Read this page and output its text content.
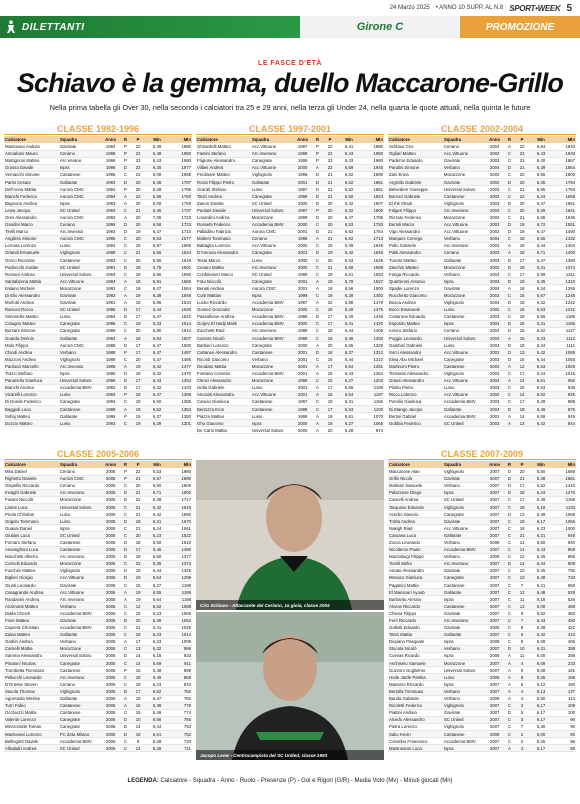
24 Marzo 2025 • ANNO 10 SUPP. AL N.8 SPORT•WEEK 5
DILETTANTI	Girone C	PROMOZIONE
LE FASCE D'ETÀ
Schiavo è la gemma, duello Maccarone-Grillo
Nella prima tabella gli Over 30, nella seconda i calciatori tra 25 e 29 anni, nella terza gli Under 24, nella quarta le quote attuali, nella quinta le future
CLASSE 1982-1996
Calciatore	Squadra	Anno	R	P	Min	Mln
Mantovani Andrea	Gavirate	1994	P	22	6,39	1980
Antoaboni Mauro	Ceriano	1996	P	22	6,48	1980
Martignoni Matteo	Arc.Verano	1996	P	22	6,43	1980
Grosso Davide	Ispra	1996	D	22	6,30	1977
Vernacchi Simone	Castanese	1995	C	22	6,09	1958
Parini Cesare	Gallarate	1993	D	20	6,38	1797
Dell'Anna Mattia	Aurora CMC	1994	P	20	6,28	1796
Bianchi Federico	Aurora CMC	1994	A	22	6,98	1760
Bagnone Andrea	Ispra	1993	A	20	6,09	1759
Leow Jacopo	SC United	1993	C	21	6,46	1737
Ores Alessandro	Aurora CMC	1993	A	20	7,05	1723
Gandini Marco	Ceriano	1996	D	20	6,58	1723
Tirelli Marco	Arc.Inverato	1993	D	19	6,47	1710
Angilera Simone	Aurora CMC	1995	C	20	6,53	1677
Lercara Lorenzo	Luino	1994	C	19	6,97	1665
Orlandi Emanuele	Vighignolo	1988	C	21	6,55	1624
Greco Riccardo	Castanese	1993	C	20	6,55	1619
Podrecchi Jordan	SC United	1991	D	18	6,75	1601
Romani Andrea	Universal Solaro	1993	C	18	6,66	1596
Santabenna Mattia	Acc.Vittuone	1994	A	18	6,91	1586
Italiano Michele	Morazzone	1992	C	18	6,47	1564
Di Elio Alessandro	Gavirate	1993	A	19	6,39	1548
Morlotti Andrea	Gavirate	1991	A	18	6,86	1534
Ramoni Rocco	SC United	1995	D	17	6,44	1530
Simonetto Matteo	Luino	1994	D	17	6,47	1522
Cotugno Matteo	Canegrate	1996	C	19	6,33	1514
Borsani Simone	Canegrate	1996	C	20	6,80	1514
Guarda Dennis	Gallarate	1994	A	18	6,94	1507
Molo Filippo	Aurora CMC	1986	D	17	6,47	1500
Chiodi Andrea	Verbano	1988	P	17	6,47	1487
Mazzoni Andrea	Vighignolo	1989	C	20	6,47	1485
Paolucci Marcello	Arc.Inverato	1995	A	19	6,42	1477
Trazzi Stefano	Ispra	1996	D	18	6,32	1470
Panariello Gianluca	Universal Solaro	1996	D	17	6,43	1453
Bianchi Andrea	Accademia BMV	1992	D	17	6,32	1433
Vicarelli Lorenzo	Luino	1993	P	18	6,47	1388
Di Donde Federico	Canegrate	1994	C	19	6,50	1385
Baggioli Luca	Castanese	1989	A	19	6,52	1353
Sofiaj Matteo	Gallarate	1996	P	15	6,37	1350
Dozzio Matteo	Luino	1993	C	19	6,29	1301
CLASSE 1997-2001
Calciatore	Squadra	Anno	R	P	Min	Mln
Ghirardelli Matteo	Acc.Vittuone	1997	P	22	6,41	1980
Fantini Stefano	Arc.Inverano	1998	P	22	6,43	1980
Frigione Alessandro	Canegrate	1999	P	22	6,43	1980
Villani Andrea	Acc.Vittuone	2000	A	22	6,69	1945
Ferdinare Matteo	Vighignolo	1999	D	21	6,62	1890
Rossi Filippo Pietro	Gallarate	2001	D	21	6,52	1881
Scarati Stefano	Luino	1997	D	21	6,52	1861
Tanzi Andrea	Canegrate	1998	D	21	6,60	1823
Zanon Davide	SC United	2000	D	20	6,42	1807
Paolani Davide	Universal Solaro	1997	P	20	6,32	1800
Lonardini Andrea	Morazzone	1999	D	20	6,47	1785
Rossetti Federico	Accademia BMV	2000	C	20	6,53	1783
Palladino Fabrizio	Aurora CMC	2001	D	21	6,62	1764
Molteni Tommaso	Ceriano	1998	A	21	6,62	1713
Battaglia Lorenzo	Acc.Vittuone	2000	C	19	6,39	1648
D'Amrosa Alessandro	Canegrate	2001	D	19	6,42	1646
Testa Marco	Luino	2000	C	20	6,53	1629
Cesaro Mattia	Arc.Inverano	2000	C	21	6,58	1598
Confalonieri Marco	SC United	1999	C	19	6,61	1553
Frau Niccolò	Canegrate	2001	A	19	6,79	1527
Benati Andrea	Aurora CMC	2001	A	18	6,56	1500
Corti Mattias	Ispra	1999	C	18	6,28	1483
Lucko Riccardo	Accademia BMV	1997	A	22	6,88	1479
Gomez Gonzalez	Morazzone	2000	C	18	6,29	1475
Passaflume Andrea	Accademia BMV	1999	D	17	6,29	1448
Gorjev El Hadji Malik	Accademia BMV	2000	C	17	6,41	1420
Zucchetti Raul	Arc.Inverano	1998	C	18	6,44	1406
Carrara Nicolò	Accademia BMV	1999	C	16	6,38	1392
Barbieri Lorenzo	Canegrate	2000	A	20	6,65	1329
Cattaneo Alessandro	Castanese	2001	D	18	6,37	1312
Ricordi Giacomo	Verbano	2001	C	16	6,44	1310
Deodato Mattia	Morazzone	2001	A	17	6,84	1281
Fontana Cornelio	Accademia BMV	2001	A	15	6,43	1264
Clerici Alessandro	Morazzone	1999	C	16	6,27	1203
Isella Gabriele	Luino	2001	A	17	6,66	1199
Amorati Alessandro	Acc.Vittuone	2001	A	16	6,54	1197
Caruso Gianluca	Castanese	1997	C	18	6,31	1156
Bertozza Eros	Castanese	1998	C	17	6,53	1100
Piazza Matteo	Luino	1998	A	19	6,61	1070
Ghu Giacomo	Ispra	2000	A	18	6,27	1065
De Carlo Mattia	Universal Solaro	2000	A	20	6,28	974
CLASSE 2002-2004
Calciatore	Squadra	Anno	R	P	Min	Mln
Schiavo Ciro	Ceriano	2004	A	22	6,84	1943
Ogliari Matteo	Acc.Vittuone	2002	C	22	6,43	1933
Paderno Edoardo	Gavirate	2002	C	21	6,40	1867
Pandini Simone	Verbano	2004	D	21	6,39	1864
Zani Enea	Morazzone	2003	C	20	6,55	1800
Argrella Gabriele	Gavirate	2002	D	20	6,35	1794
Belvedere Giuseppe	Universal Solaro	2003	C	21	6,55	1793
Borroni Gabriele	Castanese	2002	C	22	6,24	1668
El Ihk Shadi	Vighignolo	2003	D	20	6,47	1661
Falgeri Filippo	Arc.Inverano	2003	C	20	6,29	1641
Rizzato Federico	Morazzone	2003	C	21	6,65	1636
Bertoli Marco	Acc.Vittuone	2003	D	19	6,72	1551
Vigo Alessandro	Acc.Vittuone	2002	D	18	6,47	1490
Marquez Corrego	Verbano	2004	C	18	6,56	1432
Pollo Gabriele	Arc.Inverano	2003	A	18	6,44	1404
Politi Alessandro	Ceriano	2003	A	18	6,71	1400
Tunoto Matteo	Gallarate	2003	D	17	6,47	1380
Zanchin Matteo	Morazzone	2002	D	18	6,31	1374
Fariga Riccardo	Verbano	2004	C	17	6,59	1311
Quarteroni Antonio	Ispra	2003	D	19	6,36	1310
Spadei Lorenzo	Gavirate	2004	A	18	6,34	1266
Rocchetto Giacomo	Morazzone	2003	C	15	6,67	1248
Busca Andrea	Vighignolo	2004	D	18	6,32	1242
Bocci Emanuele	Luino	2002	C	16	6,53	1222
Cottarone Edoardo	Castanese	2003	C	18	6,55	1188
Esposito Matteo	Ispra	2004	D	16	6,31	1166
Iorioro Stefano	Ceriano	2004	D	15	6,52	1127
Poggio Leonardo	Universal Solaro	2003	A	15	6,23	1112
Gambini Gabriele	Luino	2004	D	18	6,24	1111
Sorci Alessandro	Acc.Vittuone	2002	D	13	6,42	1085
Elwa Abu Michael	Canegrate	2003	D	16	6,44	1055
Martinoni Pietro	Castanese	2003	A	12	6,63	1028
Tomasini Alessandro	Vighignolo	2003	C	17	6,24	1016
Grassi Alessandro	Acc.Vittuone	2004	A	14	6,61	992
Pilotto Pietro	Luino	2003	C	15	6,53	936
Ricco Lorenzo	Acc.Vittuone	2002	C	14	6,52	926
Pomilio Gianluca	Accademia BMV	2003	C	17	6,29	888
Di Mango Jacopo	Gallarate	2004	D	18	6,49	875
Bertini Gabriel	Accademia BMV	2002	A	14	6,59	849
Gobbia Federico	SC United	2003	A	13	6,42	844
CLASSE 2005-2006
Calciatore	Squadra	Anno	R	P	Min	Mln
Mira Daniel	Ceriano	2006	P	22	6,53	1980
Righetto Daniele	Aurora CMC	2005	P	21	6,57	1890
Gispellis Riccardo	Ceriano	2005	C	20	6,50	1809
Invaghi Gabriele	Arc.Inverano	2005	D	21	6,71	1800
Fusani Niccolò	Morazzone	2005	D	22	6,38	1717
Larine Luca	Universal Solaro	2005	C	21	6,42	1615
Pirola Christian	Luino	2006	C	21	6,42	1590
Grigolo Tommaso	Luino	2005	D	18	6,21	1570
Guasai Daniel	Ispra	2006	C	21	6,24	1561
Giuliani Luca	SC United	2005	C	20	6,23	1522
Fornaro Stefano	Castanese	2006	D	18	6,50	1510
Ansanghoni Luca	Castanese	2005	D	17	6,46	1490
Macchetti Alberto	Arc.Inverano	2005	D	18	6,50	1377
Cornelli Edoardo	Morazzone	2006	C	22	6,36	1373
Fucchini Matteo	Vighignolo	2005	D	19	6,44	1325
Biglieri Giorgio	Acc.Vittuone	2006	D	19	6,54	1299
Giunti Leonardo	Gavirate	2006	C	15	6,27	1199
Casagrande Andrea	Acc.Vittuone	2006	A	19	6,55	1189
Randanini Andrea	Arc.Inverano	2005	A	19	6,64	1188
Azzimonti Matteo	Verbano	2005	C	12	6,62	1088
Dialla Cheick	Accademia BMV	2006	C	15	6,23	1066
Fiore Matteo	Gavirate	2006	D	20	6,39	1062
Caprera Christian	Accademia BMV	2006	C	21	6,41	1029
Zaina Matteo	Gallarate	2005	C	18	6,23	1014
Garbin Andrea	Verbano	2005	A	17	6,23	1009
Carnelli Mattia	Morazzone	2006	C	13	6,32	986
Samma Alessandro	Universal Solaro	2006	D	14	6,18	933
Pinatoni Nicolas	Canegrate	2005	C	14	6,69	911
Trombetta Tommaso	Castanese	2006	P	16	6,49	899
Pellucchi Leonardo	Arc.Inverano	2005	C	18	6,49	859
D'Oriente Steven	Ceriano	2006	C	18	6,23	810
Savola Thomas	Vighignolo	2005	D	17	6,52	782
Agormeda Wesley	Gallarate	2006	A	19	6,47	782
Turri Fabio	Castanese	2006	A	16	6,38	778
Occhiuzzi Mattia	Castanese	2005	C	15	6,49	774
Valente Lorenzo	Canegrate	2006	D	10	6,56	765
Mezzonotte Tomas	Canegrate	2006	D	14	6,44	753
Mantovani Lorenzo	FC Zeta Milano	2006	D	18	6,51	752
Bellingotti Davide	Accademia BMV	2006	C	9	6,28	720
Albaladri Andrea	SC United	2006	C	14	6,28	711
CLASSE 2007-2009
Calciatore	Squadra	Anno	R	P	Min	Mln
Maccarone Alan	Vighignolo	2007	D	20	6,50	1686
Grillo Nicolò	Gavirate	2007	D	21	6,38	1681
Molinari Samuele	Verbano	2007	D	17	6,52	1410
Palazzese Diego	Ispra	2007	D	18	6,24	1276
Carnelli Andrea	SC United	2007	C	17	6,49	1168
Tarquinio Edoardo	Vighignolo	2007	C	18	6,18	1133
Acerbo Saverio	Canegrate	2007	D	13	6,39	1068
Trotta Andrea	Gavirate	2007	C	19	6,17	1066
Nakigh Riad	Acc.Vittuone	2007	C	18	6,23	1000
Caruana Luca	Gallarate	2007	C	21	6,21	948
Zocca Leonardo	Verbano	2008	C	14	6,50	940
Nicodemo Paolo	Accademia BMV	2007	C	14	6,43	858
Mazzabugi Filippo	Verbano	2009	C	12	6,25	855
Torelli Mirko	Arc.Inverano	2007	D	14	6,34	809
Amato Alessandro	Gavirate	2007	C	10	6,25	792
Menaco Gianluca	Canegrate	2007	C	13	6,48	733
Paganini Mattia	Castanese	2007	C	7	6,21	650
El Mansouri Ayoub	Gallarate	2007	C	12	6,48	528
Barbarito Alessio	Ispra	2007	C	11	6,18	526
Alcese Riccardo	Castanese	2007	C	13	6,00	488
Chiesa Filippo	Gavirate	2007	C	9	6,62	483
Ferri Riccardo	Arc.Inverano	2007	C	7	6,43	450
Galletti Edoardo	Gavirate	2008	C	8	6,38	422
Tanzi Mattia	Gallarate	2007	C	6	6,42	413
Depiano Pasquale	Ispra	2008	C	9	6,08	406
Stocola Nicolò	Verbano	2007	D	10	6,31	358
Cuevas Ricardo	Ispra	2008	A	11	6,00	288
Anchiselo Samuele	Morazzone	2007	A	4	6,08	233
Guzzoni Guglielmo	Universal Solaro	2007	A	5	6,08	181
Hode Jarde Patrika	Luino	2008	A	8	6,25	168
Massaro Riccardo	Ispra	2007	A	6	6,12	150
Bertolla Tommaso	Verbano	2007	A	4	6,13	137
Banda Gabriele	Verbano	2008	A	4	6,50	114
Rizoletti Federico	Vighignolo	2007	C	3	6,17	109
Piattini Andrea	Gavirate	2007	D	5	6,17	100
Alcedo Alessandro	SC United	2007	C	3	6,17	90
Pietra Lorenzo	Vighignolo	2007	C	7	6,30	90
Sako Kevin	Castanese	2008	C	2	6,00	90
Colombo Francesco	Accademia BMV	2007	C	2	6,25	86
Mastroianni Luca	Ispra	2007	A	3	6,17	80
Ciro Schiavo - Attaccante del Ceriano, 1a gioia, classe 2004
Jacopo Leow - Centrocampista del SC United, classe 1993
LEGENDA: Calciatore - Squadra - Anno - Ruolo - Presenze (P) - Gol e Rigori (G/R) - Media Voto (Mv) - Minuti giocati (Mn)
